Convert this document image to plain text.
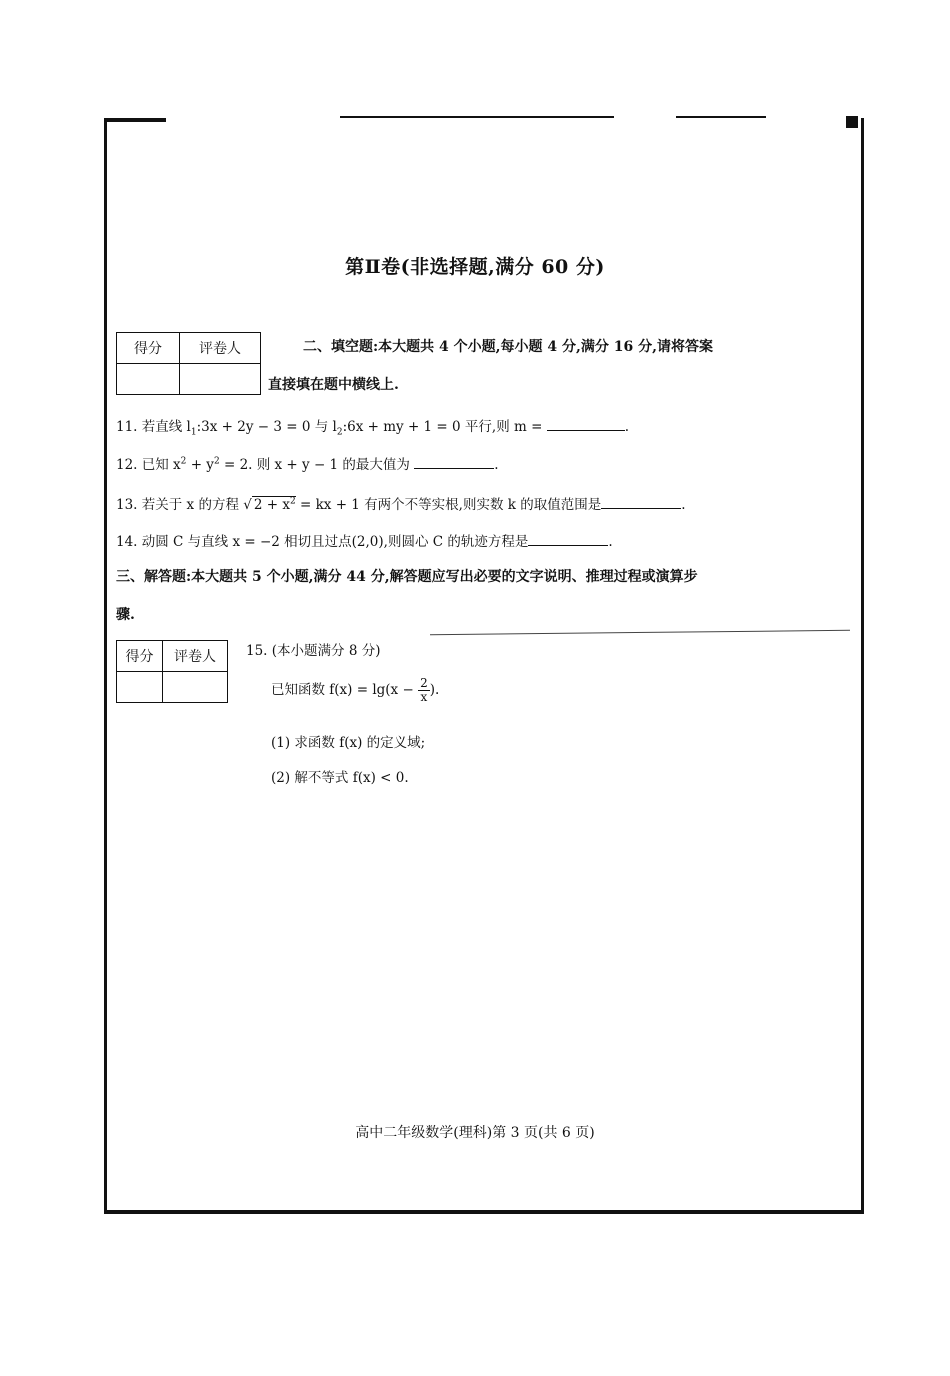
第Ⅱ卷(非选择题,满分 60 分)
得分	评卷人
		二、填空题:本大题共 4 个小题,每小题 4 分,满分 16 分,请将答案
直接填在题中横线上.
11. 若直线 $l_1:3x + 2y - 3 = 0$ 与 $l_2:6x$ + my + 1 = 0 平行,则 m =	.
12. 已知 $x^2 + y^2 = 2$. 则 x + y − 1 的最大值为	.
13. 若关于 x 的方程 √ $2 + x^2$ = kx + 1 有两个不等实根,则实数 k 的取值范围是	.
14. 动圆 C 与直线 x = −2 相切且过点(2,0),则圆心 C 的轨迹方程是	.
三、解答题:本大题共 5 个小题,满分 44 分,解答题应写出必要的文字说明、推理过程或演算步
骤.
得分	评卷人
	15. (本小题满分 8 分)
已知函数 $f(x) = \lg(x - \frac{2}{x}$ ).
(1) 求函数 f(x) 的定义域;
(2) 解不等式 f(x) < 0.
高中二年级数学(理科)第 3 页(共 6 页)
